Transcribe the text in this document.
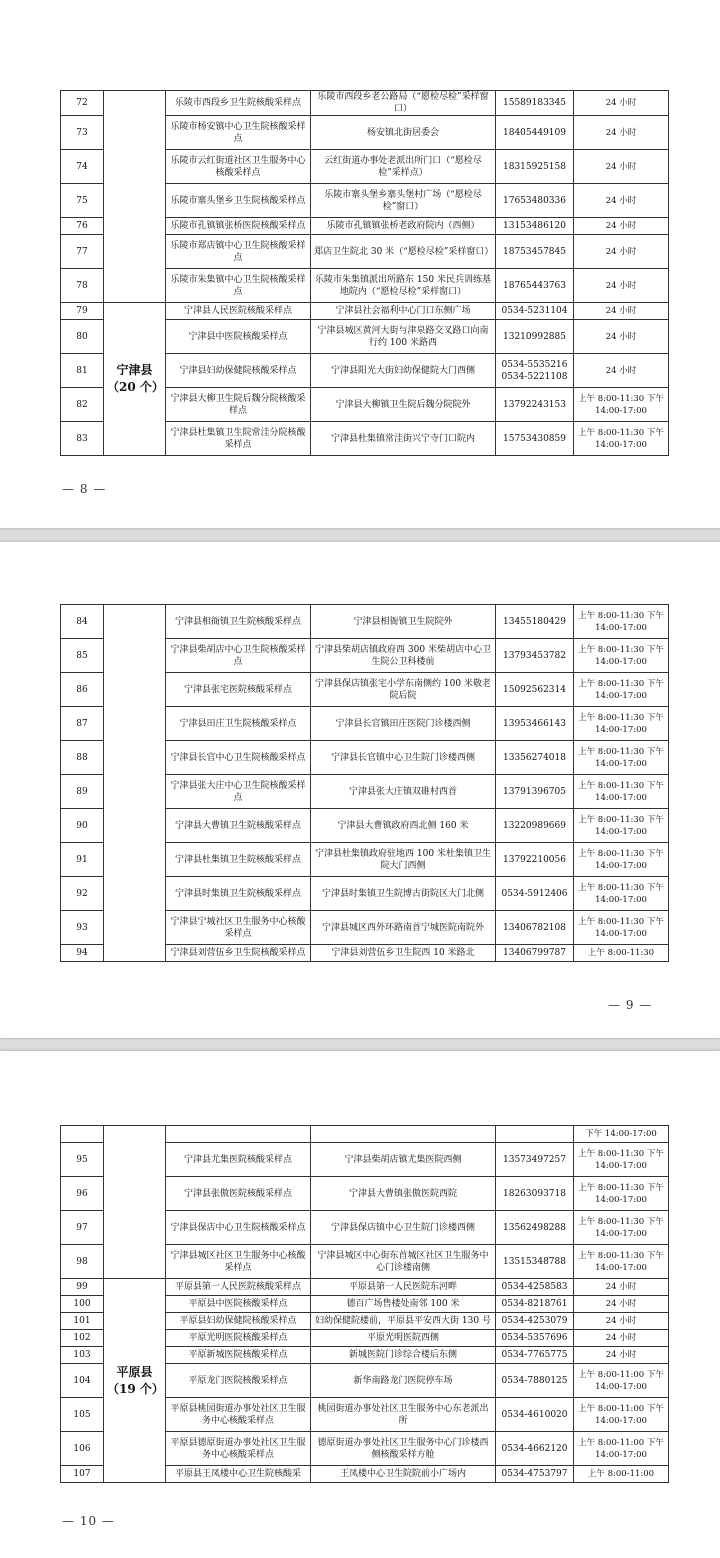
72		乐陵市西段乡卫生院核酸采样点	乐陵市西段乡老公路局（“愿检尽检”采样窗口）	15589183345	24 小时
73		乐陵市杨安镇中心卫生院核酸采样点	杨安镇北街居委会	18405449109	24 小时
74		乐陵市云红街道社区卫生服务中心核酸采样点	云红街道办事处老派出所门口（“愿检尽检”采样点）	18315925158	24 小时
75		乐陵市寨头堡乡卫生院核酸采样点	乐陵市寨头堡乡寨头堡村广场（“愿检尽检”窗口）	17653480336	24 小时
76		乐陵市孔镇镇张桥医院核酸采样点	乐陵市孔镇镇张桥老政府院内（西侧）	13153486120	24 小时
77		乐陵市郑店镇中心卫生院核酸采样点	郑店卫生院北 30 米（“愿检尽检”采样窗口）	18753457845	24 小时
78		乐陵市朱集镇中心卫生院核酸采样点	乐陵市朱集镇派出所路东 150 米民兵训练基地院内（“愿检尽检”采样窗口）	18765443763	24 小时
79	宁津县（20 个）	宁津县人民医院核酸采样点	宁津县社会福利中心门口东侧广场	0534-5231104	24 小时
80		宁津县中医院核酸采样点	宁津县城区黄河大街与津泉路交叉路口向南行约 100 米路西	13210992885	24 小时
81		宁津县妇幼保健院核酸采样点	宁津县阳光大街妇幼保健院大门西侧	0534-5535216 0534-5221108	24 小时
82		宁津县大柳卫生院后魏分院核酸采样点	宁津县大柳镇卫生院后魏分院院外	13792243153	上午 8:00-11:30 下午 14:00-17:00
83		宁津县杜集镇卫生院常洼分院核酸采样点	宁津县杜集镇常洼街兴宁寺门口院内	15753430859	上午 8:00-11:30 下午 14:00-17:00
— 8 —
84		宁津县相衙镇卫生院核酸采样点	宁津县相衙镇卫生院院外	13455180429	上午 8:00-11:30 下午 14:00-17:00
85		宁津县柴胡店中心卫生院核酸采样点	宁津县柴胡店镇政府西 300 米柴胡店中心卫生院公卫科楼前	13793453782	上午 8:00-11:30 下午 14:00-17:00
86		宁津县张宅医院核酸采样点	宁津县保店镇张宅小学东南侧约 100 米敬老院后院	15092562314	上午 8:00-11:30 下午 14:00-17:00
87		宁津县田庄卫生院核酸采样点	宁津县长官镇田庄医院门诊楼西侧	13953466143	上午 8:00-11:30 下午 14:00-17:00
88		宁津县长官中心卫生院核酸采样点	宁津县长官镇中心卫生院门诊楼西侧	13356274018	上午 8:00-11:30 下午 14:00-17:00
89		宁津县张大庄中心卫生院核酸采样点	宁津县张大庄镇双碓村西首	13791396705	上午 8:00-11:30 下午 14:00-17:00
90		宁津县大曹镇卫生院核酸采样点	宁津县大曹镇政府西北侧 160 米	13220989669	上午 8:00-11:30 下午 14:00-17:00
91		宁津县杜集镇卫生院核酸采样点	宁津县杜集镇政府驻地西 100 米杜集镇卫生院大门西侧	13792210056	上午 8:00-11:30 下午 14:00-17:00
92		宁津县时集镇卫生院核酸采样点	宁津县时集镇卫生院博古街院区大门北侧	0534-5912406	上午 8:00-11:30 下午 14:00-17:00
93		宁津县宁城社区卫生服务中心核酸采样点	宁津县城区西外环路南首宁城医院南院外	13406782108	上午 8:00-11:30 下午 14:00-17:00
94		宁津县刘营伍乡卫生院核酸采样点	宁津县刘营伍乡卫生院西 10 米路北	13406799787	上午 8:00-11:30
— 9 —
					下午 14:00-17:00
95		宁津县尤集医院核酸采样点	宁津县柴胡店镇尤集医院西侧	13573497257	上午 8:00-11:30 下午 14:00-17:00
96		宁津县张傲医院核酸采样点	宁津县大曹镇张傲医院西院	18263093718	上午 8:00-11:30 下午 14:00-17:00
97		宁津县保店中心卫生院核酸采样点	宁津县保店镇中心卫生院门诊楼西侧	13562498288	上午 8:00-11:30 下午 14:00-17:00
98		宁津县城区社区卫生服务中心核酸采样点	宁津县城区中心街东首城区社区卫生服务中心门诊楼南侧	13515348788	上午 8:00-11:30 下午 14:00-17:00
99	平原县（19 个）	平原县第一人民医院核酸采样点	平原县第一人民医院东河畔	0534-4258583	24 小时
100		平原县中医院核酸采样点	德百广场售楼处南邻 100 米	0534-8218761	24 小时
101		平原县妇幼保健院核酸采样点	妇幼保健院楼前，平原县平安西大街 130 号	0534-4253079	24 小时
102		平原光明医院核酸采样点	平原光明医院西侧	0534-5357696	24 小时
103		平原新城医院核酸采样点	新城医院门诊综合楼后东侧	0534-7765775	24 小时
104		平原龙门医院核酸采样点	新华南路龙门医院停车场	0534-7880125	上午 8:00-11:00 下午 14:00-17:00
105		平原县桃园街道办事处社区卫生服务中心核酸采样点	桃园街道办事处社区卫生服务中心东老派出所	0534-4610020	上午 8:00-11:00 下午 14:00-17:00
106		平原县德原街道办事处社区卫生服务中心核酸采样点	德原街道办事处社区卫生服务中心门诊楼西侧核酸采样方舱	0534-4662120	上午 8:00-11:00 下午 14:00-17:00
107		平原县王凤楼中心卫生院核酸采	王凤楼中心卫生院院前小广场内	0534-4753797	上午 8:00-11:00
— 10 —
